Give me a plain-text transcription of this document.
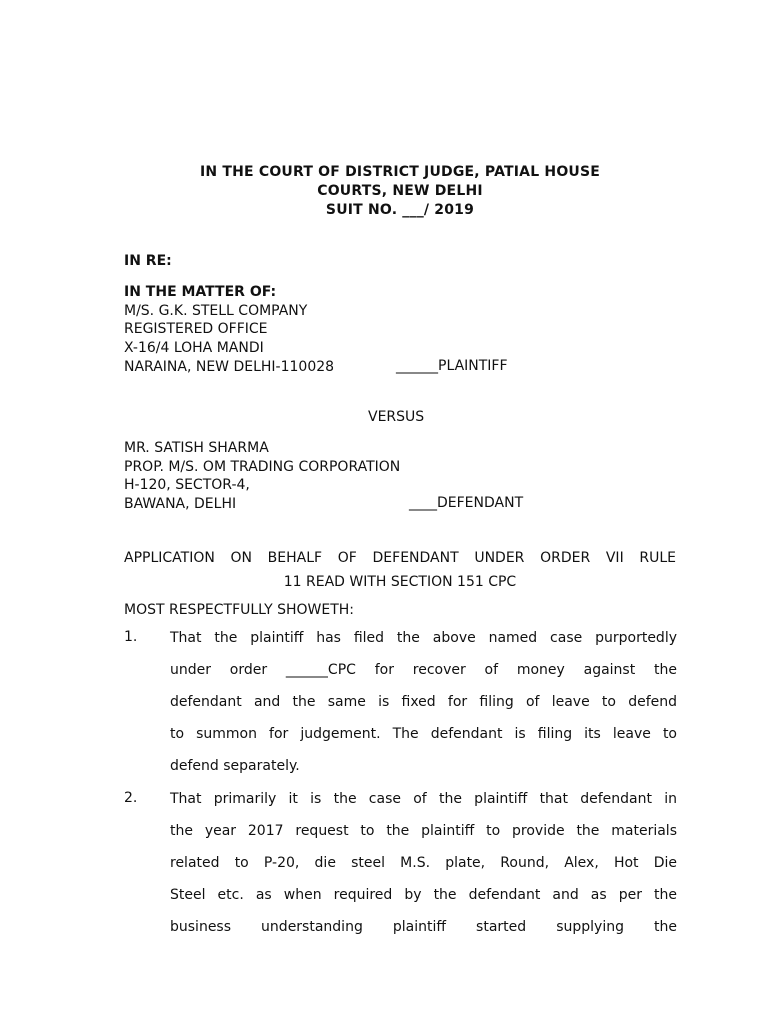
IN THE COURT OF DISTRICT JUDGE, PATIAL HOUSE
COURTS, NEW DELHI
SUIT NO. ___/ 2019
IN RE:
IN THE MATTER OF:
M/S. G.K. STELL COMPANY
REGISTERED OFFICE
X-16/4 LOHA MANDI
NARAINA, NEW DELHI-110028	______PLAINTIFF
VERSUS
MR. SATISH SHARMA
PROP. M/S. OM TRADING CORPORATION
H-120, SECTOR-4,
BAWANA, DELHI	____DEFENDANT
APPLICATION ON BEHALF OF DEFENDANT UNDER ORDER VII RULE
11 READ WITH SECTION 151 CPC
MOST RESPECTFULLY SHOWETH:
1. That the plaintiff has filed the above named case purportedly
under order ______CPC for recover of money against the
defendant and the same is fixed for filing of leave to defend
to summon for judgement. The defendant is filing its leave to
defend separately.
2. That primarily it is the case of the plaintiff that defendant in
the year 2017 request to the plaintiff to provide the materials
related to P-20, die steel M.S. plate, Round, Alex, Hot Die
Steel etc. as when required by the defendant and as per the
business understanding plaintiff started supplying the
